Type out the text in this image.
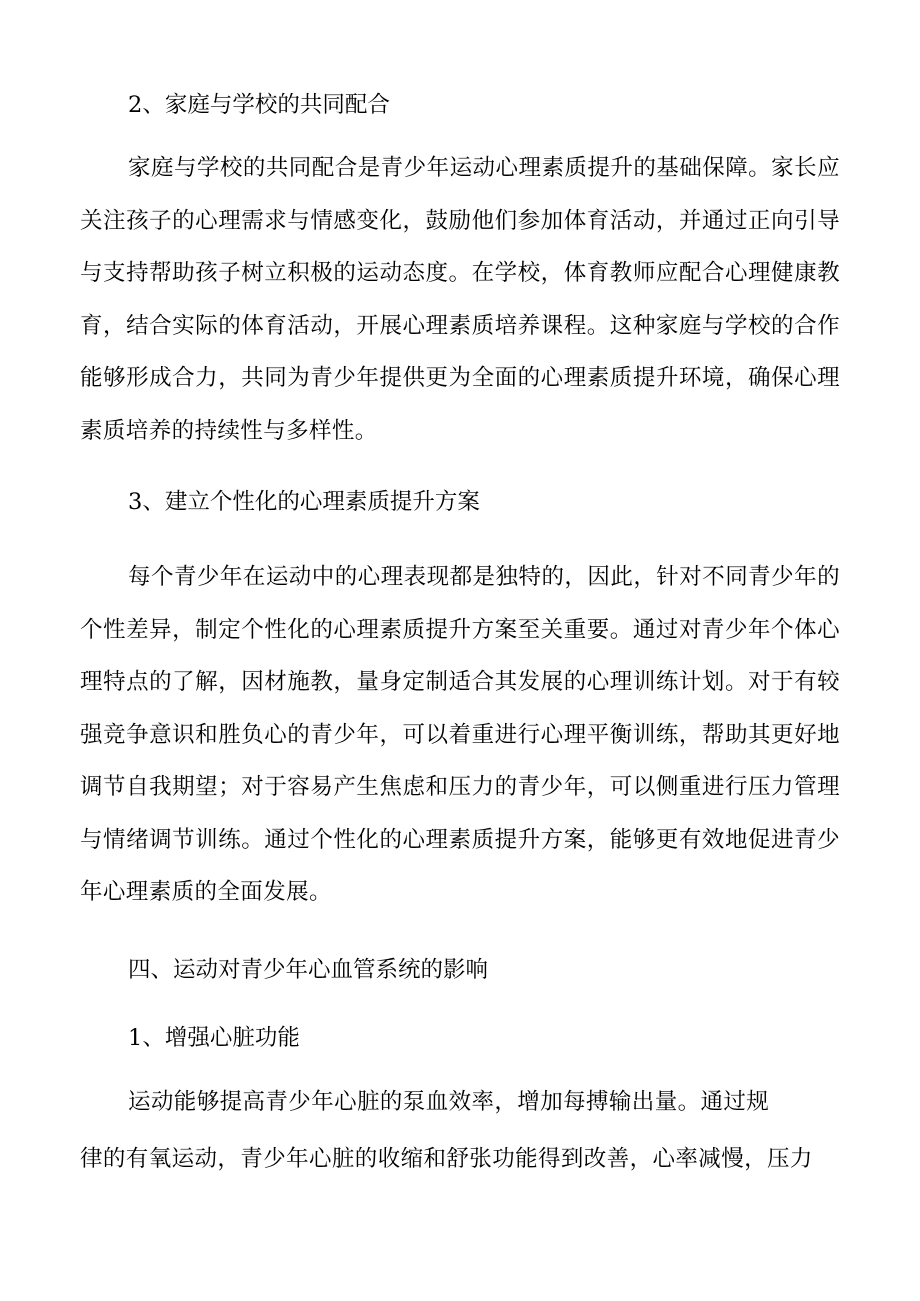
2、家庭与学校的共同配合

家庭与学校的共同配合是青少年运动心理素质提升的基础保障。家长应关注孩子的心理需求与情感变化，鼓励他们参加体育活动，并通过正向引导与支持帮助孩子树立积极的运动态度。在学校，体育教师应配合心理健康教育，结合实际的体育活动，开展心理素质培养课程。这种家庭与学校的合作能够形成合力，共同为青少年提供更为全面的心理素质提升环境，确保心理素质培养的持续性与多样性。

3、建立个性化的心理素质提升方案

每个青少年在运动中的心理表现都是独特的，因此，针对不同青少年的个性差异，制定个性化的心理素质提升方案至关重要。通过对青少年个体心理特点的了解，因材施教，量身定制适合其发展的心理训练计划。对于有较强竞争意识和胜负心的青少年，可以着重进行心理平衡训练，帮助其更好地调节自我期望；对于容易产生焦虑和压力的青少年，可以侧重进行压力管理与情绪调节训练。通过个性化的心理素质提升方案，能够更有效地促进青少年心理素质的全面发展。

四、运动对青少年心血管系统的影响

1、增强心脏功能

运动能够提高青少年心脏的泵血效率，增加每搏输出量。通过规

律的有氧运动，青少年心脏的收缩和舒张功能得到改善，心率减慢，压力
